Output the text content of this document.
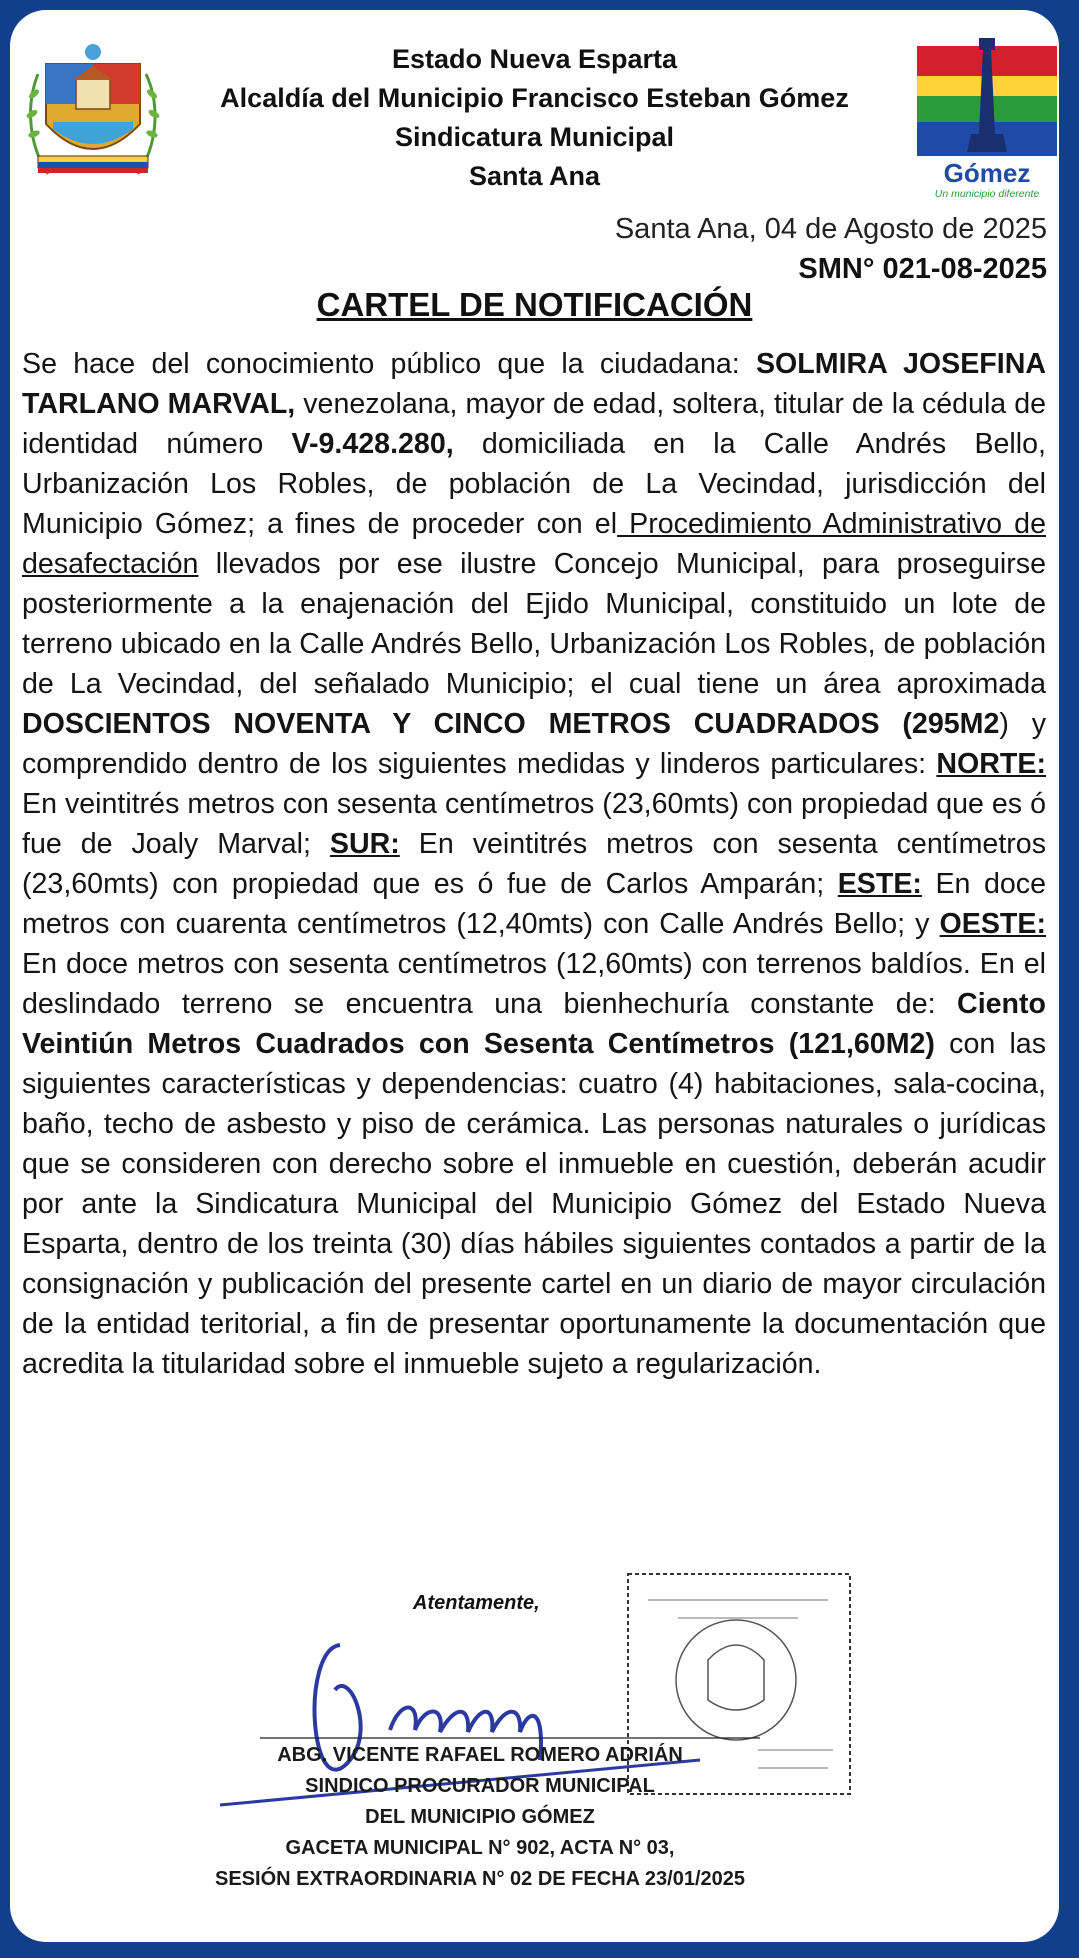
Estado Nueva Esparta
Alcaldía del Municipio Francisco Esteban Gómez
Sindicatura Municipal
Santa Ana	Gómez
Un municipio diferente
Santa Ana, 04 de Agosto de 2025
SMN° 021-08-2025
CARTEL DE NOTIFICACIÓN
Se hace del conocimiento público que la ciudadana: SOLMIRA JOSEFINA TARLANO MARVAL, venezolana, mayor de edad, soltera, titular de la cédula de identidad número V-9.428.280, domiciliada en la Calle Andrés Bello, Urbanización Los Robles, de población de La Vecindad, jurisdicción del Municipio Gómez; a fines de proceder con el Procedimiento Administrativo de desafectación llevados por ese ilustre Concejo Municipal, para proseguirse posteriormente a la enajenación del Ejido Municipal, constituido un lote de terreno ubicado en la Calle Andrés Bello, Urbanización Los Robles, de población de La Vecindad, del señalado Municipio; el cual tiene un área aproximada DOSCIENTOS NOVENTA Y CINCO METROS CUADRADOS (295M2) y comprendido dentro de los siguientes medidas y linderos particulares: NORTE: En veintitrés metros con sesenta centímetros (23,60mts) con propiedad que es ó fue de Joaly Marval; SUR: En veintitrés metros con sesenta centímetros (23,60mts) con propiedad que es ó fue de Carlos Amparán; ESTE: En doce metros con cuarenta centímetros (12,40mts) con Calle Andrés Bello; y OESTE: En doce metros con sesenta centímetros (12,60mts) con terrenos baldíos. En el deslindado terreno se encuentra una bienhechuría constante de: Ciento Veintiún Metros Cuadrados con Sesenta Centímetros (121,60M2) con las siguientes características y dependencias: cuatro (4) habitaciones, sala-cocina, baño, techo de asbesto y piso de cerámica. Las personas naturales o jurídicas que se consideren con derecho sobre el inmueble en cuestión, deberán acudir por ante la Sindicatura Municipal del Municipio Gómez del Estado Nueva Esparta, dentro de los treinta (30) días hábiles siguientes contados a partir de la consignación y publicación del presente cartel en un diario de mayor circulación de la entidad teritorial, a fin de presentar oportunamente la documentación que acredita la titularidad sobre el inmueble sujeto a regularización.
Atentamente,
ABG. VICENTE RAFAEL ROMERO ADRIÁN
SINDICO PROCURADOR MUNICIPAL
DEL MUNICIPIO GÓMEZ
GACETA MUNICIPAL N° 902, ACTA N° 03,
SESIÓN EXTRAORDINARIA N° 02 DE FECHA 23/01/2025
